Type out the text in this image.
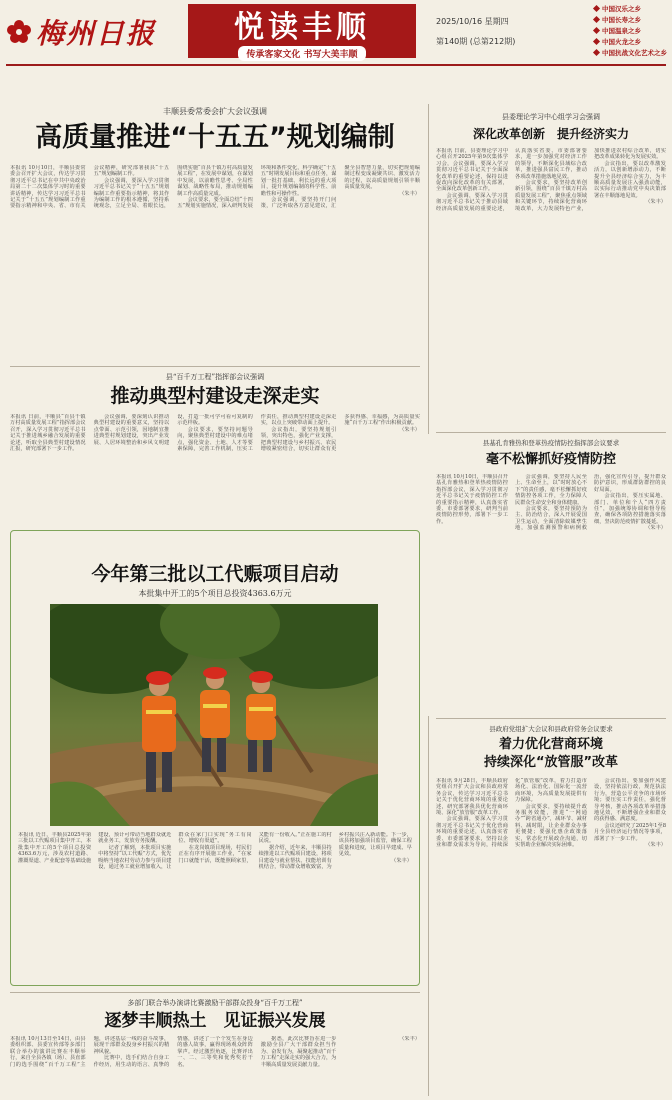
梅州日报	悦读丰顺
传承客家文化 书写大美丰顺
2025/10/16 星期四
第140期 (总第212期)
中国汉乐之乡
中国长寿之乡
中国温泉之乡
中国火龙之乡
中国抗战文化艺术之乡
丰顺县委常委会扩大会议强调
高质量推进“十五五”规划编制

本报讯 10月10日，丰顺县委常委会召开扩大会议，传达学习贯彻习近平总书记在中共中央政治局第二十二次集体学习时的重要讲话精神，传达学习习近平总书记关于“十五五”规划编制工作重要指示精神和中央、省、市有关会议精神，研究部署我县“十五五”规划编制工作。

会议强调，要深入学习贯彻习近平总书记关于“十五五”规划编制工作重要指示精神，将其作为编制工作的根本遵循，坚持系统观念，立足全局、着眼长远，围绕实施“百县千镇万村高质量发展工程”，在发展中谋划，在谋划中发展，以前瞻性思考、全局性谋划、战略性布局，推动规划编制工作高质量完成。

会议要求，要全面总结“十四五”规划实施情况，深入研判发展环境和条件变化，科学确定“十五五”时期发展目标和重点任务，谋划一批打基础、利长远的重大项目，提升规划编制的科学性、前瞻性和可操作性。

会议强调，要坚持开门问策，广泛听取各方意见建议，汇聚全县智慧力量，切实把规划编制过程变成凝聚共识、激发活力的过程，以高质量规划引领丰顺高质量发展。

（朱丰）

县委理论学习中心组学习会强调
深化改革创新　提升经济实力

本报讯 日前，县委理论学习中心组召开2025年第9次集体学习会，会议强调，要深入学习贯彻习近平总书记关于全面深化改革的重要论述，保持以进促改向深化改革的有关部署，全面深化改革创新工作。

会议强调，要深入学习贯彻习近平总书记关于推动县域经济高质量发展的重要论述，认真落实省委、市委部署要求，进一步加强党对经济工作的领导，不断深化县域综合改革，推进强县富民工作，推动各项改革措施落地见效。

会议要求，要坚持改革创新引领，围绕“百县千镇万村高质量发展工程”，聚焦重点领域和关键环节，持续深化营商环境改革，大力发展特色产业，加快推进农村综合改革，切实把改革成果转化为发展实效。

会议指出，要以改革激发活力，以创新增添动力，不断提升全县经济综合实力，为丰顺高质量发展注入强劲动能，以实际行动推动党中央决策部署在丰顺落地见效。

（朱丰）

县“百千万工程”指挥部会议强调
推动典型村建设走深走实

本报讯 日前，丰顺县“百县千镇万村高质量发展工程”指挥部会议召开，深入学习贯彻习近平总书记关于推进城乡融合发展的重要论述，听取全县典型村建设情况汇报，研究部署下一步工作。

会议强调，要深刻认识推动典型村建设的重要意义，坚持以点带面、示范引领，因地制宜推进典型村规划建设，突出产业发展、人居环境整治和乡风文明建设，打造一批可学可看可复制的示范样板。

会议要求，要坚持问题导向，聚焦典型村建设中的难点堵点，强化资金、土地、人才等要素保障，完善工作机制，压实工作责任，推动典型村建设走深走实，以点上突破带动面上提升。

会议指出，要坚持规划引领，突出特色，强化产业支撑，把典型村建设与乡村振兴、农民增收紧密结合，切实让群众有更多获得感、幸福感，为高质量实施“百千万工程”作出积极贡献。

（朱丰）

县基孔肯雅热和登革热疫情防控指挥部会议要求
毫不松懈抓好疫情防控

本报讯 10月10日，丰顺县召开基孔肯雅热和登革热疫情防控指挥部会议，深入学习贯彻习近平总书记关于疫情防控工作的重要指示精神，认真落实省委、市委部署要求，研判当前疫情防控形势，部署下一步工作。

会议强调，要坚持人民至上、生命至上，以“时时放心不下”的责任感，毫不松懈抓好疫情防控各项工作，全力保障人民群众生命安全和身体健康。

会议要求，要坚持预防为主、防治结合，深入开展爱国卫生运动，全面清除蚊媒孳生地，加强监测预警和病例救治，强化宣传引导，提升群众防护意识，形成群防群控的良好局面。

会议指出，要压实属地、部门、单位和个人“四方责任”，加强统筹协调和督导检查，确保各项防控措施落实落细，坚决防范疫情扩散蔓延。

（朱丰）

今年第三批以工代赈项目启动
本批集中开工的5个项目总投资4363.6万元

本报讯 近日，丰顺县2025年第三批以工代赈项目集中开工，本批集中开工的5个项目总投资4363.6万元，涉及农村道路、灌溉渠道、产业配套等基础设施建设，预计可带动当地群众就近就业务工，发放劳务报酬。

记者了解到，本批项目实施中将坚持“以工代赈”方式，优先吸纳当地农村劳动力参与项目建设，通过务工就业增加收入，让群众在家门口实现“务工有岗位、增收有渠道”。

在龙岗镇项目现场，村民们正在有序开展施工作业，“在家门口就能干活，既能照顾家里，又能有一份收入。”正在施工的村民说。

据介绍，近年来，丰顺县持续推进以工代赈项目建设，将项目建设与就业帮扶、技能培训有机结合，带动群众增收致富，为乡村振兴注入新动能。下一步，该县将加强项目监管，确保工程质量和进度，让项目早建成、早见效。

（朱丰）

县政府党组扩大会议和县政府常务会议要求
着力优化营商环境
持续深化“放管服”改革

本报讯 9月28日，丰顺县政府党组召开扩大会议和县政府常务会议，传达学习习近平总书记关于优化营商环境的重要论述，研究部署我县优化营商环境、深化“放管服”改革工作。

会议强调，要深入学习贯彻习近平总书记关于优化营商环境的重要论述，认真落实省委、市委部署要求，坚持以企业和群众需求为导向，持续深化“放管服”改革，着力打造市场化、法治化、国际化一流营商环境，为高质量发展提供有力保障。

会议要求，要持续提升政务服务效能，推进“一网通办”“跨省通办”，减环节、减材料、减时限，让企业群众办事更便捷；要强化惠企政策落实，常态化开展政企沟通，切实帮助企业解决实际困难。

会议指出，要加强作风建设，坚持依法行政，规范执法行为，营造公平竞争的市场环境；要压实工作责任，强化督导考核，推动各项改革举措落地见效，不断增强企业和群众的获得感、满意度。

会议还研究了2025年1至8月全县经济运行情况等事项，部署了下一步工作。

（朱丰）

多部门联合举办演讲比赛激励干部群众投身“百千万工程”
逐梦丰顺热土　见证振兴发展

本报讯 10月13日至14日，由县委组织部、县委宣传部等多部门联合举办的演讲比赛在丰顺举行，来自全县各镇（场）、县直部门的选手围绕“百千万工程”主题，讲述基层一线的奋斗故事，展现干部群众投身乡村振兴的精神风貌。

比赛中，选手们结合自身工作经历，用生动的语言、真挚的情感，讲述了一个个发生在身边的感人故事，赢得现场观众阵阵掌声。经过激烈角逐，比赛评出一、二、三等奖和优秀奖若干名。

据悉，此次比赛旨在进一步激励全县广大干部群众担当作为、奋发有为，凝聚起推动“百千万工程”走深走实的强大合力，为丰顺高质量发展贡献力量。

（朱丰）
